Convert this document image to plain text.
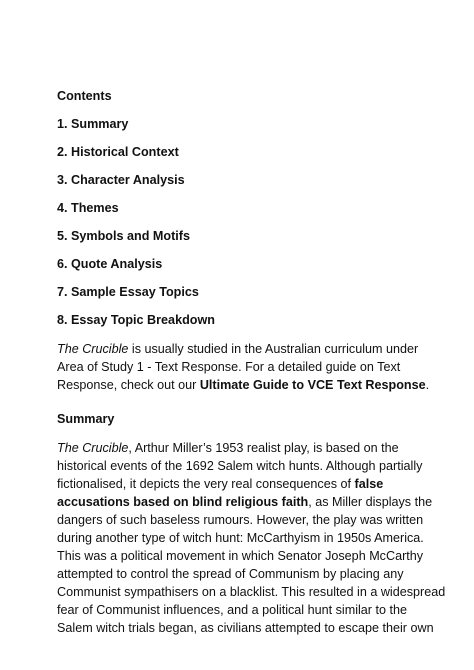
Contents
1. Summary
2. Historical Context
3. Character Analysis
4. Themes
5. Symbols and Motifs
6. Quote Analysis
7. Sample Essay Topics
8. Essay Topic Breakdown
The Crucible is usually studied in the Australian curriculum under
Area of Study 1 - Text Response. For a detailed guide on Text
Response, check out our Ultimate Guide to VCE Text Response.
Summary
The Crucible, Arthur Miller’s 1953 realist play, is based on the
historical events of the 1692 Salem witch hunts. Although partially
fictionalised, it depicts the very real consequences of false
accusations based on blind religious faith, as Miller displays the
dangers of such baseless rumours. However, the play was written
during another type of witch hunt: McCarthyism in 1950s America.
This was a political movement in which Senator Joseph McCarthy
attempted to control the spread of Communism by placing any
Communist sympathisers on a blacklist. This resulted in a widespread
fear of Communist influences, and a political hunt similar to the
Salem witch trials began, as civilians attempted to escape their own
